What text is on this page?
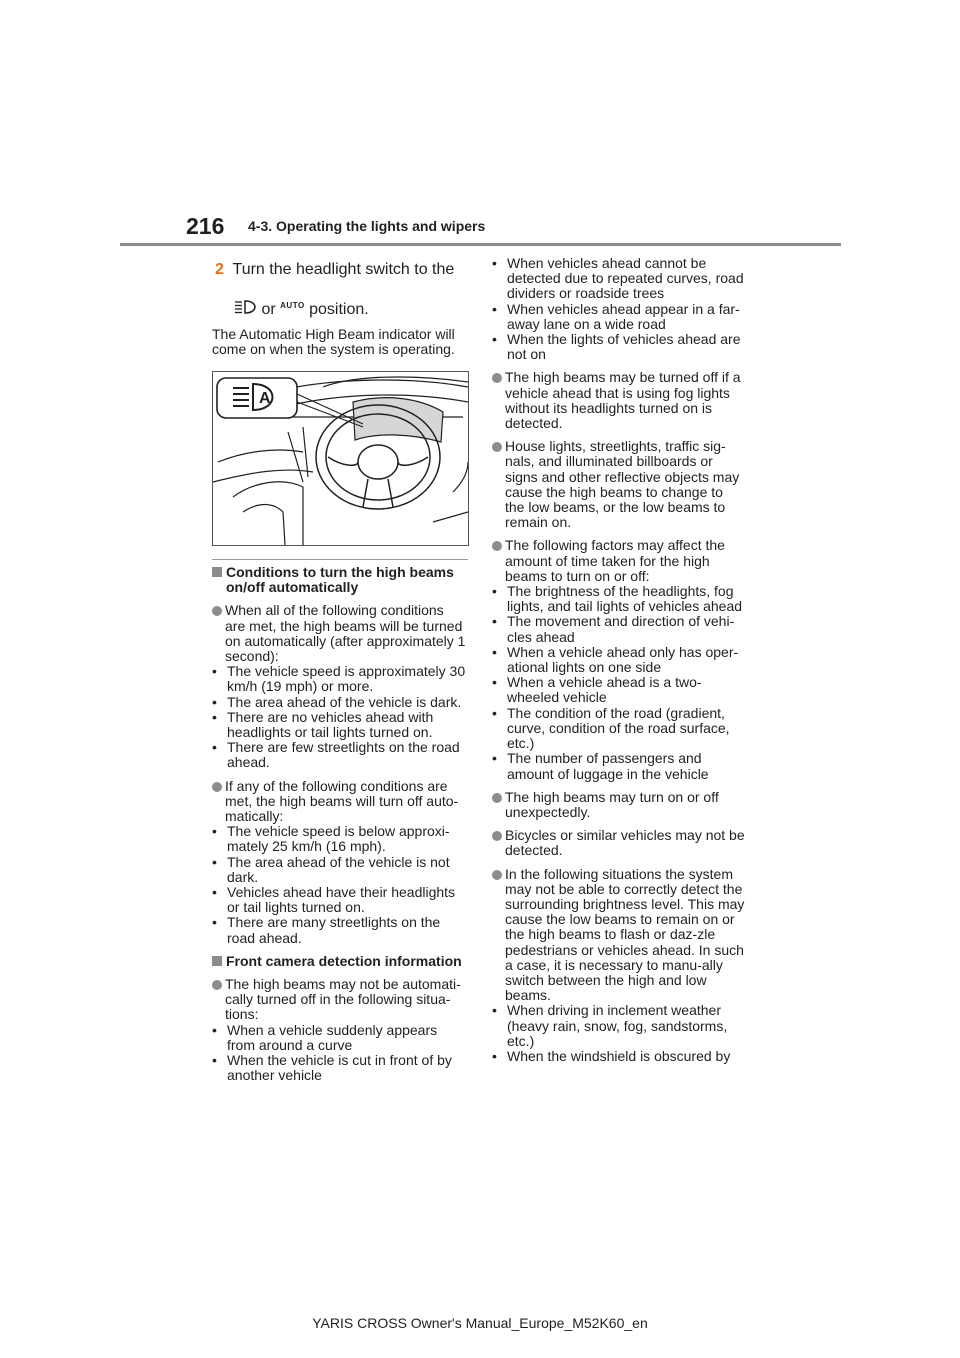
216 4-3. Operating the lights and wipers
2 Turn the headlight switch to the
or $^{AUTO}$ position.
The Automatic High Beam indicator will come on when the system is operating.
A
Conditions to turn the high beams on/off automatically
When all of the following conditions are met, the high beams will be turned on automatically (after approximately 1 second):
• The vehicle speed is approximately 30 km/h (19 mph) or more.
• The area ahead of the vehicle is dark.
• There are no vehicles ahead with headlights or tail lights turned on.
• There are few streetlights on the road ahead.
If any of the following conditions are met, the high beams will turn off auto-matically:
• The vehicle speed is below approxi-mately 25 km/h (16 mph).
• The area ahead of the vehicle is not dark.
• Vehicles ahead have their headlights or tail lights turned on.
• There are many streetlights on the road ahead.
Front camera detection information
The high beams may not be automati-cally turned off in the following situa-tions:
• When a vehicle suddenly appears from around a curve
• When the vehicle is cut in front of by another vehicle
• When vehicles ahead cannot be detected due to repeated curves, road dividers or roadside trees
• When vehicles ahead appear in a far-away lane on a wide road
• When the lights of vehicles ahead are not on
The high beams may be turned off if a vehicle ahead that is using fog lights without its headlights turned on is detected.
House lights, streetlights, traffic sig-nals, and illuminated billboards or signs and other reflective objects may cause the high beams to change to the low beams, or the low beams to remain on.
The following factors may affect the amount of time taken for the high beams to turn on or off:
• The brightness of the headlights, fog lights, and tail lights of vehicles ahead
• The movement and direction of vehi-cles ahead
• When a vehicle ahead only has oper-ational lights on one side
• When a vehicle ahead is a two-wheeled vehicle
• The condition of the road (gradient, curve, condition of the road surface, etc.)
• The number of passengers and amount of luggage in the vehicle
The high beams may turn on or off unexpectedly.
Bicycles or similar vehicles may not be detected.
In the following situations the system may not be able to correctly detect the surrounding brightness level. This may cause the low beams to remain on or the high beams to flash or daz-zle pedestrians or vehicles ahead. In such a case, it is necessary to manu-ally switch between the high and low beams.
• When driving in inclement weather (heavy rain, snow, fog, sandstorms, etc.)
• When the windshield is obscured by
YARIS CROSS Owner's Manual_Europe_M52K60_en
